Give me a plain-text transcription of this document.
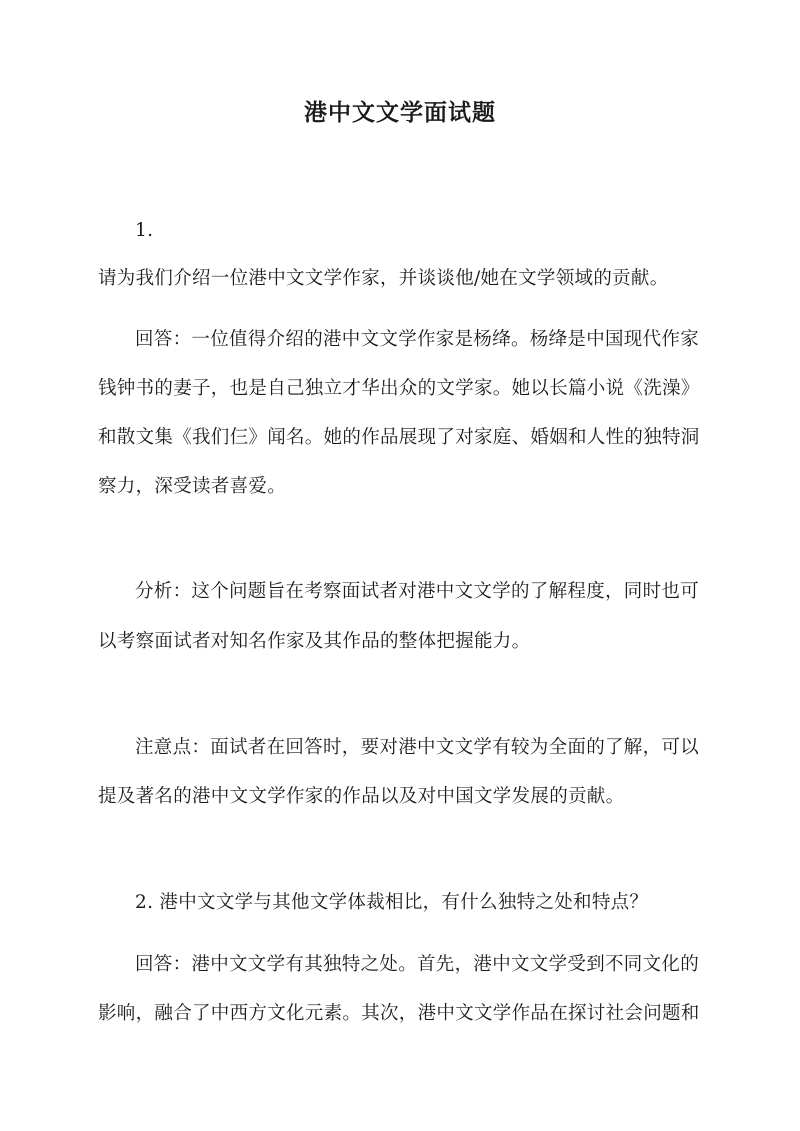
港中文文学面试题
1.
请为我们介绍一位港中文文学作家，并谈谈他/她在文学领域的贡献。
回答：一位值得介绍的港中文文学作家是杨绛。杨绛是中国现代作家
钱钟书的妻子，也是自己独立才华出众的文学家。她以长篇小说《洗澡》
和散文集《我们仨》闻名。她的作品展现了对家庭、婚姻和人性的独特洞
察力，深受读者喜爱。
分析：这个问题旨在考察面试者对港中文文学的了解程度，同时也可
以考察面试者对知名作家及其作品的整体把握能力。
注意点：面试者在回答时，要对港中文文学有较为全面的了解，可以
提及著名的港中文文学作家的作品以及对中国文学发展的贡献。
2. 港中文文学与其他文学体裁相比，有什么独特之处和特点？
回答：港中文文学有其独特之处。首先，港中文文学受到不同文化的
影响，融合了中西方文化元素。其次，港中文文学作品在探讨社会问题和
